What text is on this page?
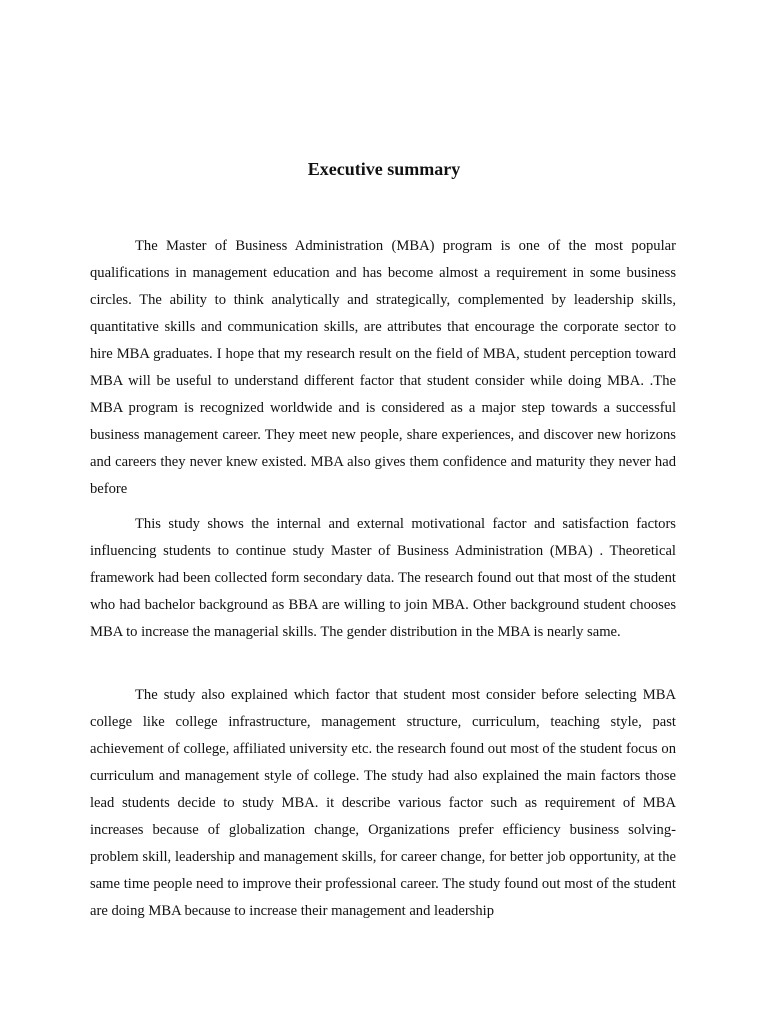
Executive summary

The Master of Business Administration (MBA) program is one of the most popular qualifications in management education and has become almost a requirement in some business circles. The ability to think analytically and strategically, complemented by leadership skills, quantitative skills and communication skills, are attributes that encourage the corporate sector to hire MBA graduates. I hope that my research result on the field of MBA, student perception toward MBA will be useful to understand different factor that student consider while doing MBA. .The MBA program is recognized worldwide and is considered as a major step towards a successful business management career. They meet new people, share experiences, and discover new horizons and careers they never knew existed. MBA also gives them confidence and maturity they never had before

This study shows the internal and external motivational factor and satisfaction factors influencing students to continue study Master of Business Administration (MBA) . Theoretical framework had been collected form secondary data. The research found out that most of the student who had bachelor background as BBA are willing to join MBA. Other background student chooses MBA to increase the managerial skills. The gender distribution in the MBA is nearly same.

The study also explained which factor that student most consider before selecting MBA college like college infrastructure, management structure, curriculum, teaching style, past achievement of college, affiliated university etc. the research found out most of the student focus on curriculum and management style of college. The study had also explained the main factors those lead students decide to study MBA. it describe various factor such as requirement of MBA increases because of globalization change, Organizations prefer efficiency business solving-problem skill, leadership and management skills, for career change, for better job opportunity, at the same time people need to improve their professional career. The study found out most of the student are doing MBA because to increase their management and leadership
